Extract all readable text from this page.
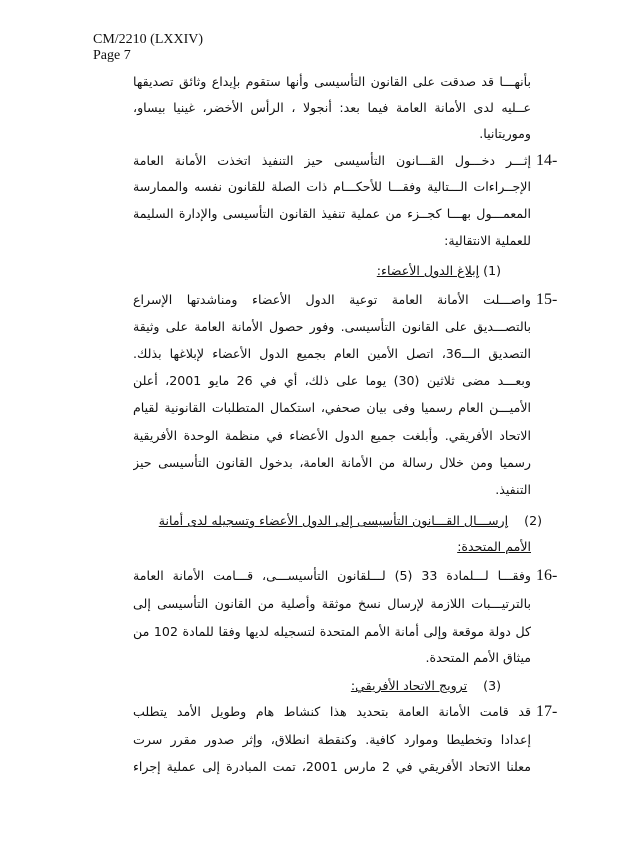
CM/2210 (LXXIV)
Page 7
بأنهـــا قد صدقت على القانون التأسيسى وأنها ستقوم بإيداع وثائق تصديقها
عــليه لدى الأمانة العامة فيما بعد: أنجولا ، الرأس الأخضر، غينيا بيساو،
وموريتانيا.
14-
إثـــر دخـــول القـــانون التأسيسى حيز التنفيذ اتخذت الأمانة العامة
الإجــراءات الـــتالية وفقـــا للأحكـــام ذات الصلة للقانون نفسه والممارسة
المعمـــول بهـــا كجــزء من عملية تنفيذ القانون التأسيسى والإدارة السليمة
للعملية الانتقالية:
(1) إبلاغ الدول الأعضاء:
15-
واصـــلت الأمانة العامة توعية الدول الأعضاء ومناشدتها الإسراع
بالتصـــديق على القانون التأسيسى. وفور حصول الأمانة العامة على وثيقة
التصديق الـــ36، اتصل الأمين العام بجميع الدول الأعضاء لإبلاغها بذلك.
وبعـــد مضى ثلاثين (30) يوما على ذلك، أي في 26 مايو 2001، أعلن
الأميـــن العام رسميا وفى بيان صحفي، استكمال المتطلبات القانونية لقيام
الاتحاد الأفريقي. وأبلغت جميع الدول الأعضاء في منظمة الوحدة الأفريقية
رسميا ومن خلال رسالة من الأمانة العامة، بدخول القانون التأسيسى حيز
التنفيذ.
(2)    إرســـال القـــانون التأسيسى إلى الدول الأعضاء وتسجيله لدى أمانة
الأمم المتحدة:
16-
وفقـــا لـــلمادة 33 (5) لـــلقانون التأسيســـى، قـــامت الأمانة العامة
بالترتيـــبات اللازمة لإرسال نسخ موثقة وأصلية من القانون التأسيسى إلى
كل دولة موقعة وإلى أمانة الأمم المتحدة لتسجيله لديها وفقا للمادة 102 من
ميثاق الأمم المتحدة.
(3)    ترويج الاتحاد الأفريقي:
17-
قد قامت الأمانة العامة بتحديد هذا كنشاط هام وطويل الأمد يتطلب
إعدادا وتخطيطا وموارد كافية. وكنقطة انطلاق، وإثر صدور مقرر سرت
معلنا الاتحاد الأفريقي في 2 مارس 2001، تمت المبادرة إلى عملية إجراء
